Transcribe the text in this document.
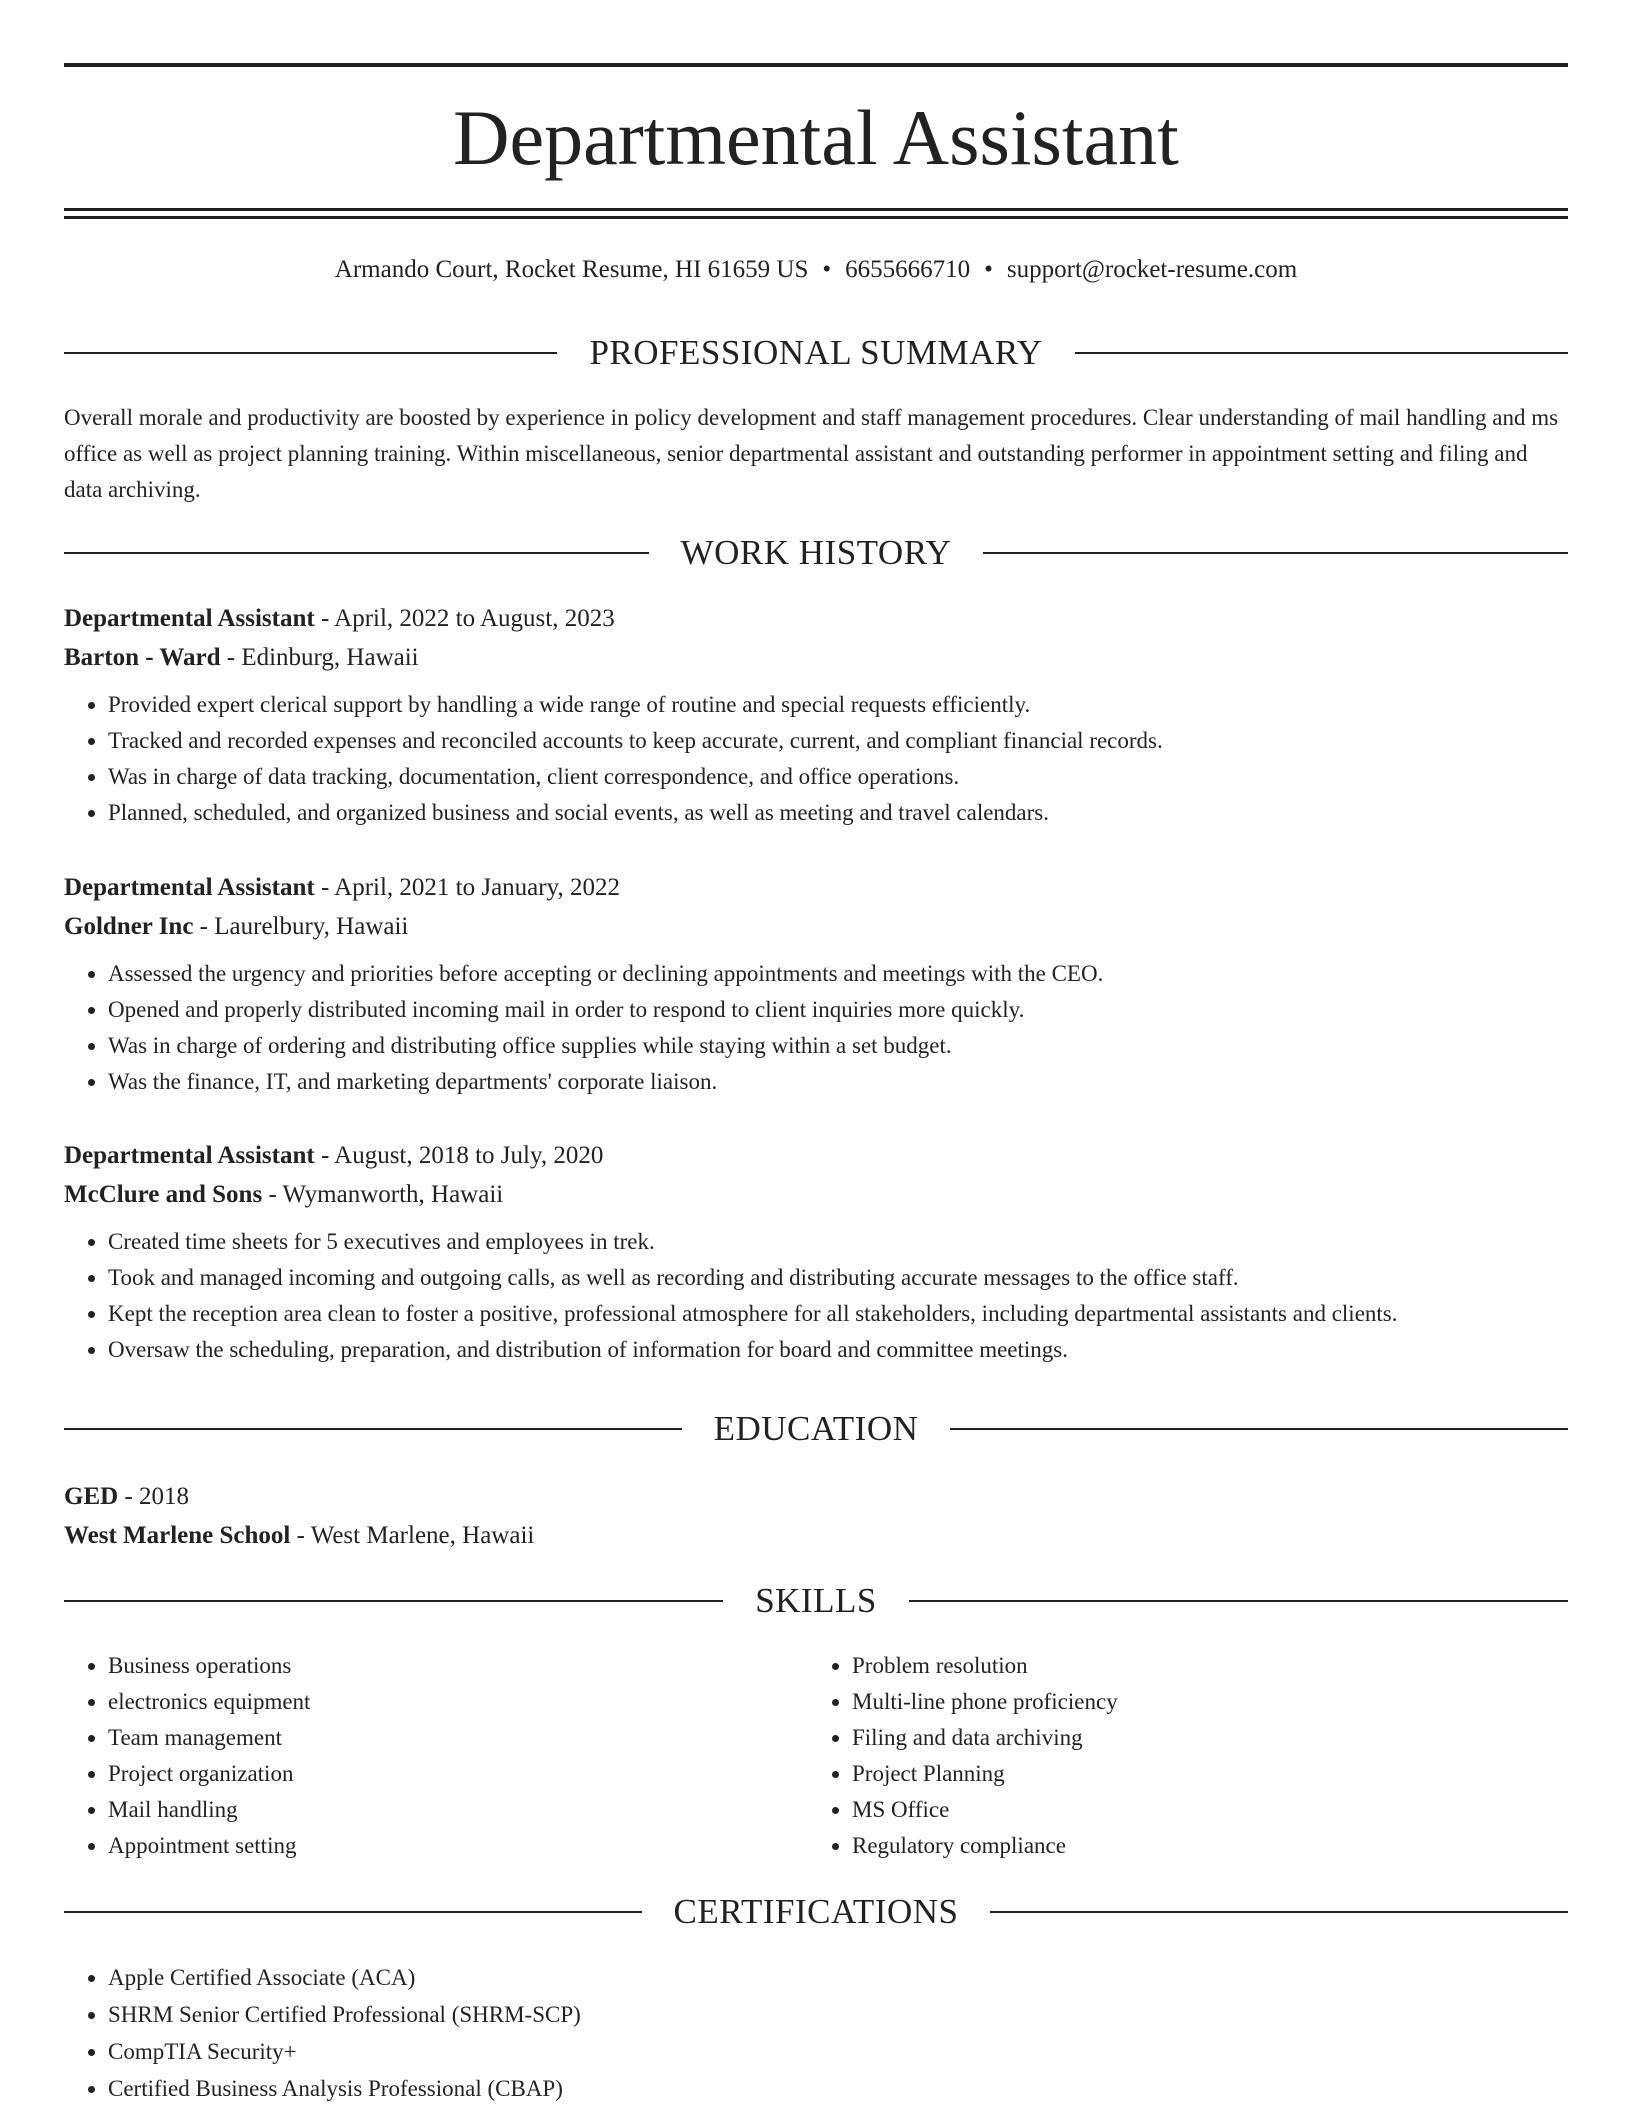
Departmental Assistant
Armando Court, Rocket Resume, HI 61659 US • 6655666710 • support@rocket-resume.com
PROFESSIONAL SUMMARY

Overall morale and productivity are boosted by experience in policy development and staff management procedures. Clear understanding of mail handling and ms office as well as project planning training. Within miscellaneous, senior departmental assistant and outstanding performer in appointment setting and filing and data archiving.

WORK HISTORY
Departmental Assistant - April, 2022 to August, 2023
Barton - Ward - Edinburg, Hawaii
• Provided expert clerical support by handling a wide range of routine and special requests efficiently.
• Tracked and recorded expenses and reconciled accounts to keep accurate, current, and compliant financial records.
• Was in charge of data tracking, documentation, client correspondence, and office operations.
• Planned, scheduled, and organized business and social events, as well as meeting and travel calendars.
Departmental Assistant - April, 2021 to January, 2022
Goldner Inc - Laurelbury, Hawaii
• Assessed the urgency and priorities before accepting or declining appointments and meetings with the CEO.
• Opened and properly distributed incoming mail in order to respond to client inquiries more quickly.
• Was in charge of ordering and distributing office supplies while staying within a set budget.
• Was the finance, IT, and marketing departments' corporate liaison.
Departmental Assistant - August, 2018 to July, 2020
McClure and Sons - Wymanworth, Hawaii
• Created time sheets for 5 executives and employees in trek.
• Took and managed incoming and outgoing calls, as well as recording and distributing accurate messages to the office staff.
• Kept the reception area clean to foster a positive, professional atmosphere for all stakeholders, including departmental assistants and clients.
• Oversaw the scheduling, preparation, and distribution of information for board and committee meetings.
EDUCATION
GED - 2018
West Marlene School - West Marlene, Hawaii
SKILLS
• Business operations
• electronics equipment
• Team management
• Project organization
• Mail handling
• Appointment setting
• Problem resolution
• Multi-line phone proficiency
• Filing and data archiving
• Project Planning
• MS Office
• Regulatory compliance
CERTIFICATIONS
• Apple Certified Associate (ACA)
• SHRM Senior Certified Professional (SHRM-SCP)
• CompTIA Security+
• Certified Business Analysis Professional (CBAP)
